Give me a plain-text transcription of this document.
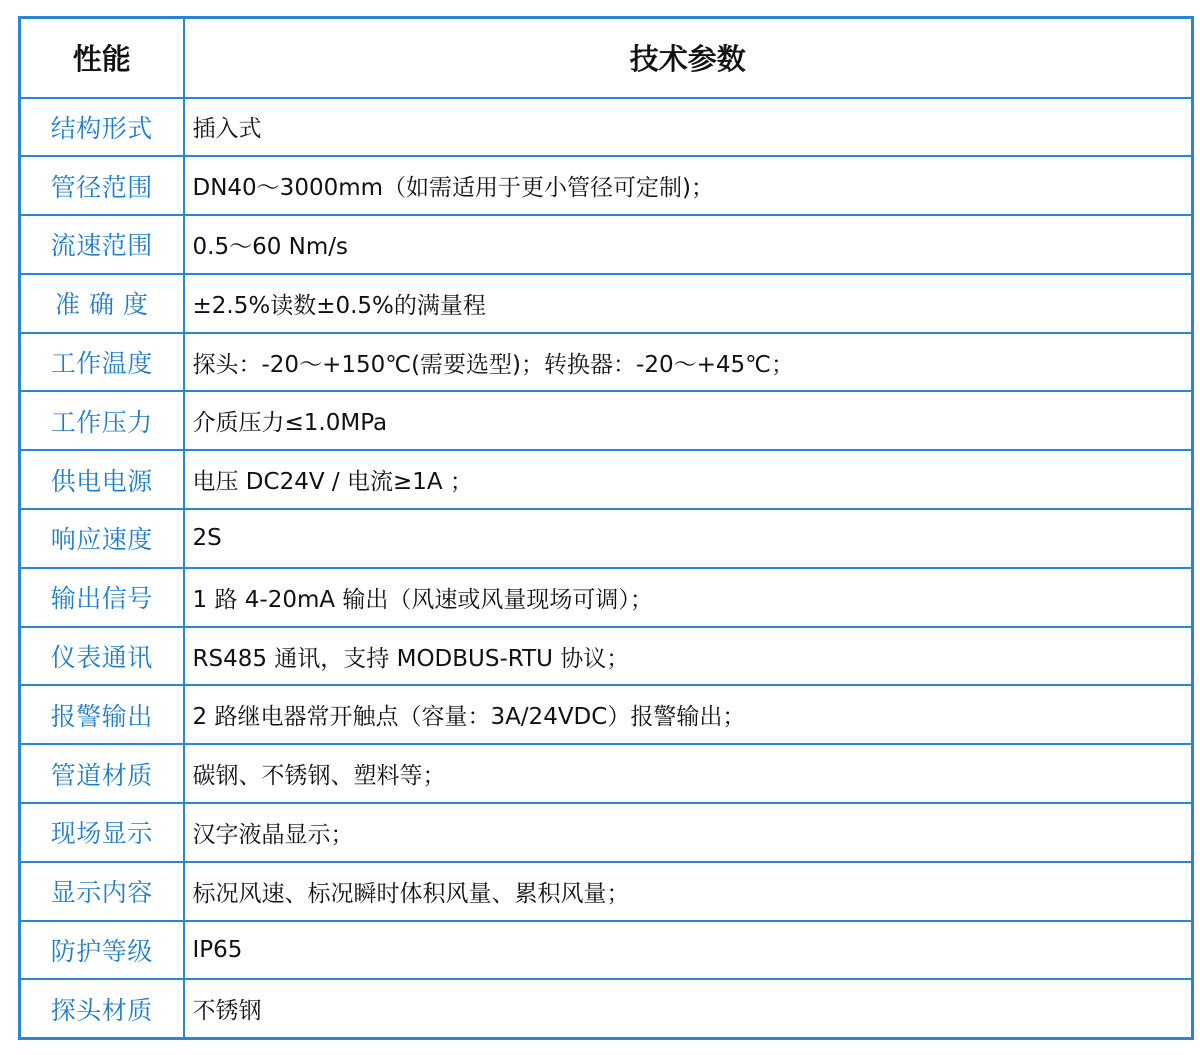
性能	技术参数
结构形式	插入式
管径范围	DN40～3000mm（如需适用于更小管径可定制)；
流速范围	0.5～60 Nm/s
准 确 度	±2.5%读数±0.5%的满量程
工作温度	探头：-20～+150℃(需要选型)；转换器：-20～+45℃；
工作压力	介质压力≤1.0MPa
供电电源	电压 DC24V / 电流≥1A ；
响应速度	2S
输出信号	1 路 4-20mA 输出（风速或风量现场可调）；
仪表通讯	RS485 通讯，支持 MODBUS-RTU 协议；
报警输出	2 路继电器常开触点（容量：3A/24VDC）报警输出；
管道材质	碳钢、不锈钢、塑料等；
现场显示	汉字液晶显示；
显示内容	标况风速、标况瞬时体积风量、累积风量；
防护等级	IP65
探头材质	不锈钢
